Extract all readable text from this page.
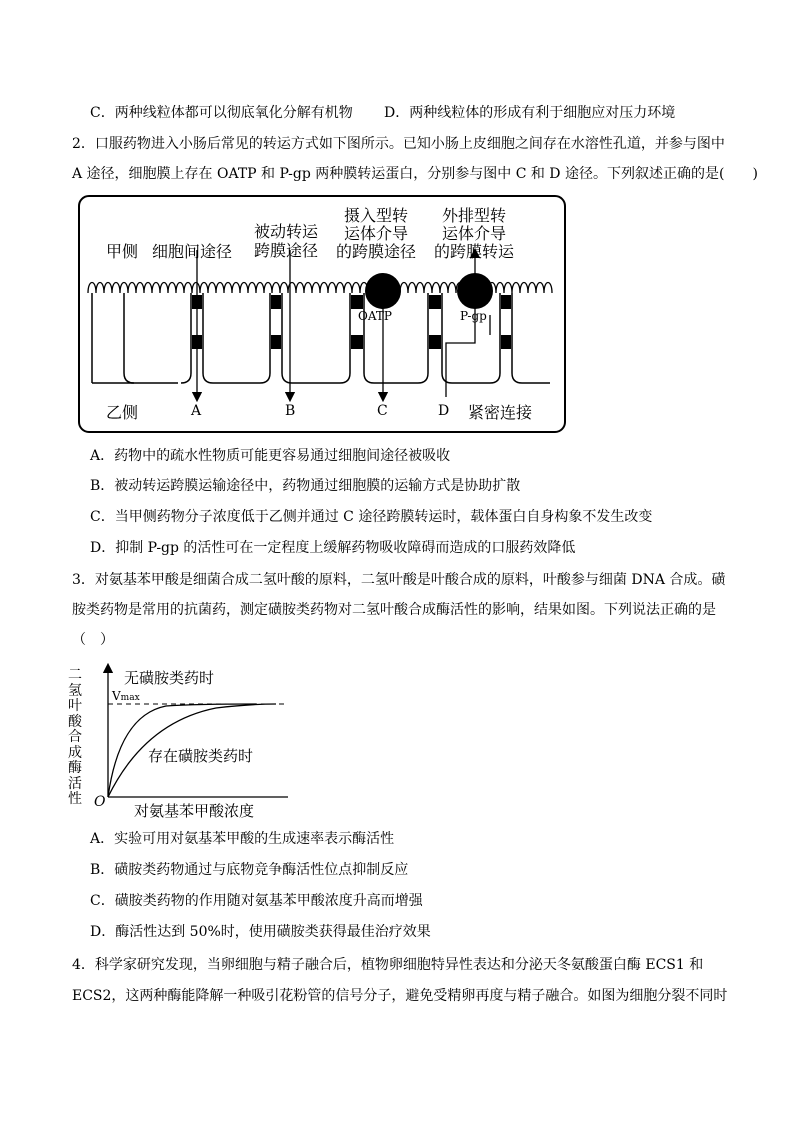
C．两种线粒体都可以彻底氧化分解有机物 D．两种线粒体的形成有利于细胞应对压力环境
2．口服药物进入小肠后常见的转运方式如下图所示。已知小肠上皮细胞之间存在水溶性孔道，并参与图中
A 途径，细胞膜上存在 OATP 和 P-gp 两种膜转运蛋白，分别参与图中 C 和 D 途径。下列叙述正确的是(　　)
甲侧 细胞间途径
被动转运
跨膜途径
摄入型转
运体介导
的跨膜途径
外排型转
运体介导
的跨膜转运
OATP	P-gp
乙侧	A	B	C	D 紧密连接
A．药物中的疏水性物质可能更容易通过细胞间途径被吸收
B．被动转运跨膜运输途径中，药物通过细胞膜的运输方式是协助扩散
C．当甲侧药物分子浓度低于乙侧并通过 C 途径跨膜转运时，载体蛋白自身构象不发生改变
D．抑制 P-gp 的活性可在一定程度上缓解药物吸收障碍而造成的口服药效降低
3．对氨基苯甲酸是细菌合成二氢叶酸的原料，二氢叶酸是叶酸合成的原料，叶酸参与细菌 DNA 合成。磺
胺类药物是常用的抗菌药，测定磺胺类药物对二氢叶酸合成酶活性的影响，结果如图。下列说法正确的是
（　）
二氢叶酸合成酶活性
Vmax
无磺胺类药时
存在磺胺类药时
O 对氨基苯甲酸浓度
A．实验可用对氨基苯甲酸的生成速率表示酶活性
B．磺胺类药物通过与底物竞争酶活性位点抑制反应
C．磺胺类药物的作用随对氨基苯甲酸浓度升高而增强
D．酶活性达到 50%时，使用磺胺类获得最佳治疗效果
4．科学家研究发现，当卵细胞与精子融合后，植物卵细胞特异性表达和分泌天冬氨酸蛋白酶 ECS1 和
ECS2，这两种酶能降解一种吸引花粉管的信号分子，避免受精卵再度与精子融合。如图为细胞分裂不同时
